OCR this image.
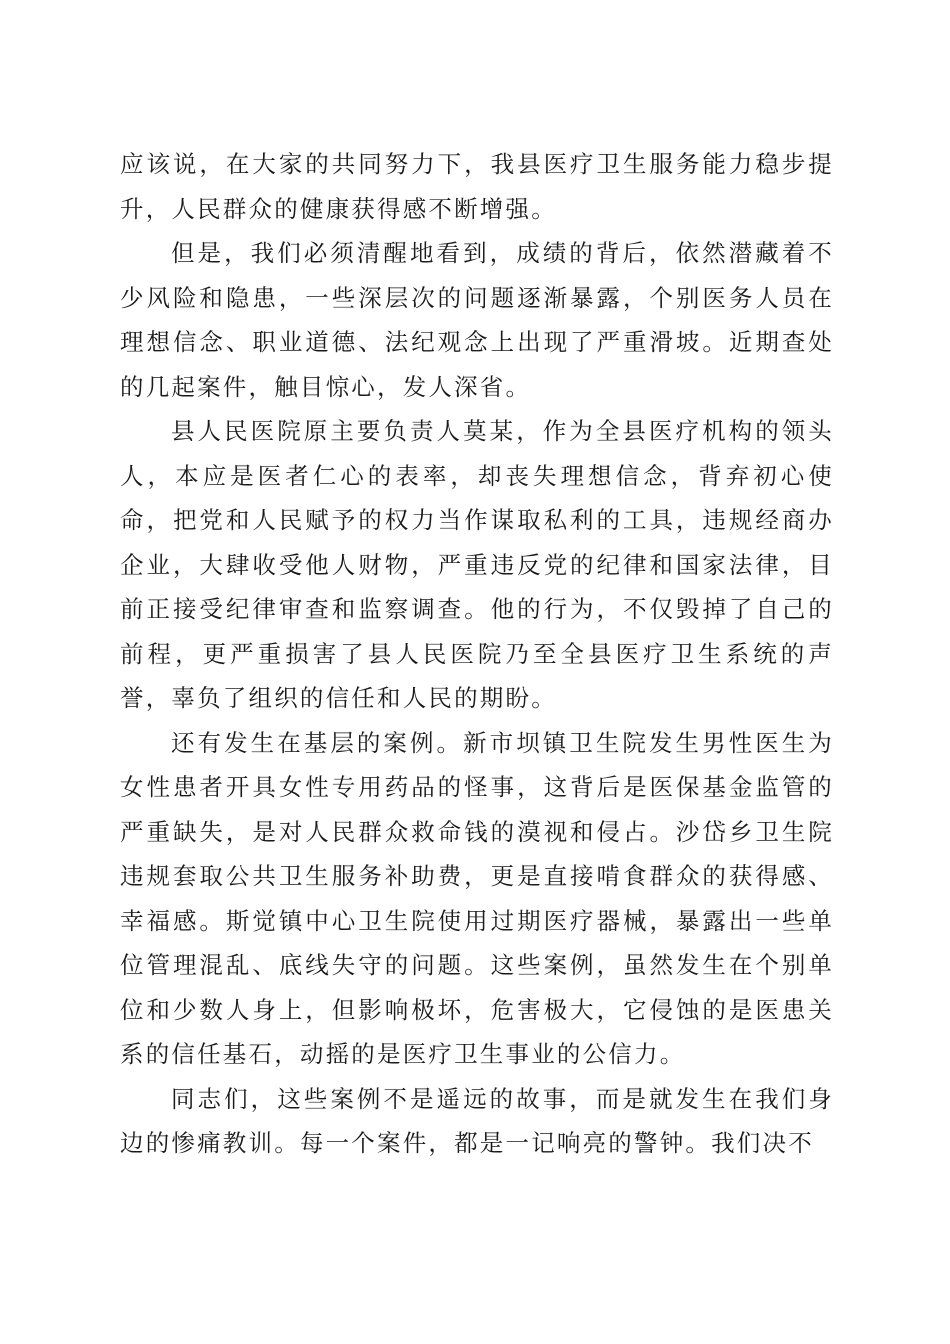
应该说，在大家的共同努力下，我县医疗卫生服务能力稳步提升，人民群众的健康获得感不断增强。

但是，我们必须清醒地看到，成绩的背后，依然潜藏着不少风险和隐患，一些深层次的问题逐渐暴露，个别医务人员在理想信念、职业道德、法纪观念上出现了严重滑坡。近期查处的几起案件，触目惊心，发人深省。

县人民医院原主要负责人莫某，作为全县医疗机构的领头人，本应是医者仁心的表率，却丧失理想信念，背弃初心使命，把党和人民赋予的权力当作谋取私利的工具，违规经商办企业，大肆收受他人财物，严重违反党的纪律和国家法律，目前正接受纪律审查和监察调查。他的行为，不仅毁掉了自己的前程，更严重损害了县人民医院乃至全县医疗卫生系统的声誉，辜负了组织的信任和人民的期盼。

还有发生在基层的案例。新市坝镇卫生院发生男性医生为女性患者开具女性专用药品的怪事，这背后是医保基金监管的严重缺失，是对人民群众救命钱的漠视和侵占。沙岱乡卫生院违规套取公共卫生服务补助费，更是直接啃食群众的获得感、幸福感。斯觉镇中心卫生院使用过期医疗器械，暴露出一些单位管理混乱、底线失守的问题。这些案例，虽然发生在个别单位和少数人身上，但影响极坏，危害极大，它侵蚀的是医患关系的信任基石，动摇的是医疗卫生事业的公信力。

同志们，这些案例不是遥远的故事，而是就发生在我们身边的惨痛教训。每一个案件，都是一记响亮的警钟。我们决不
